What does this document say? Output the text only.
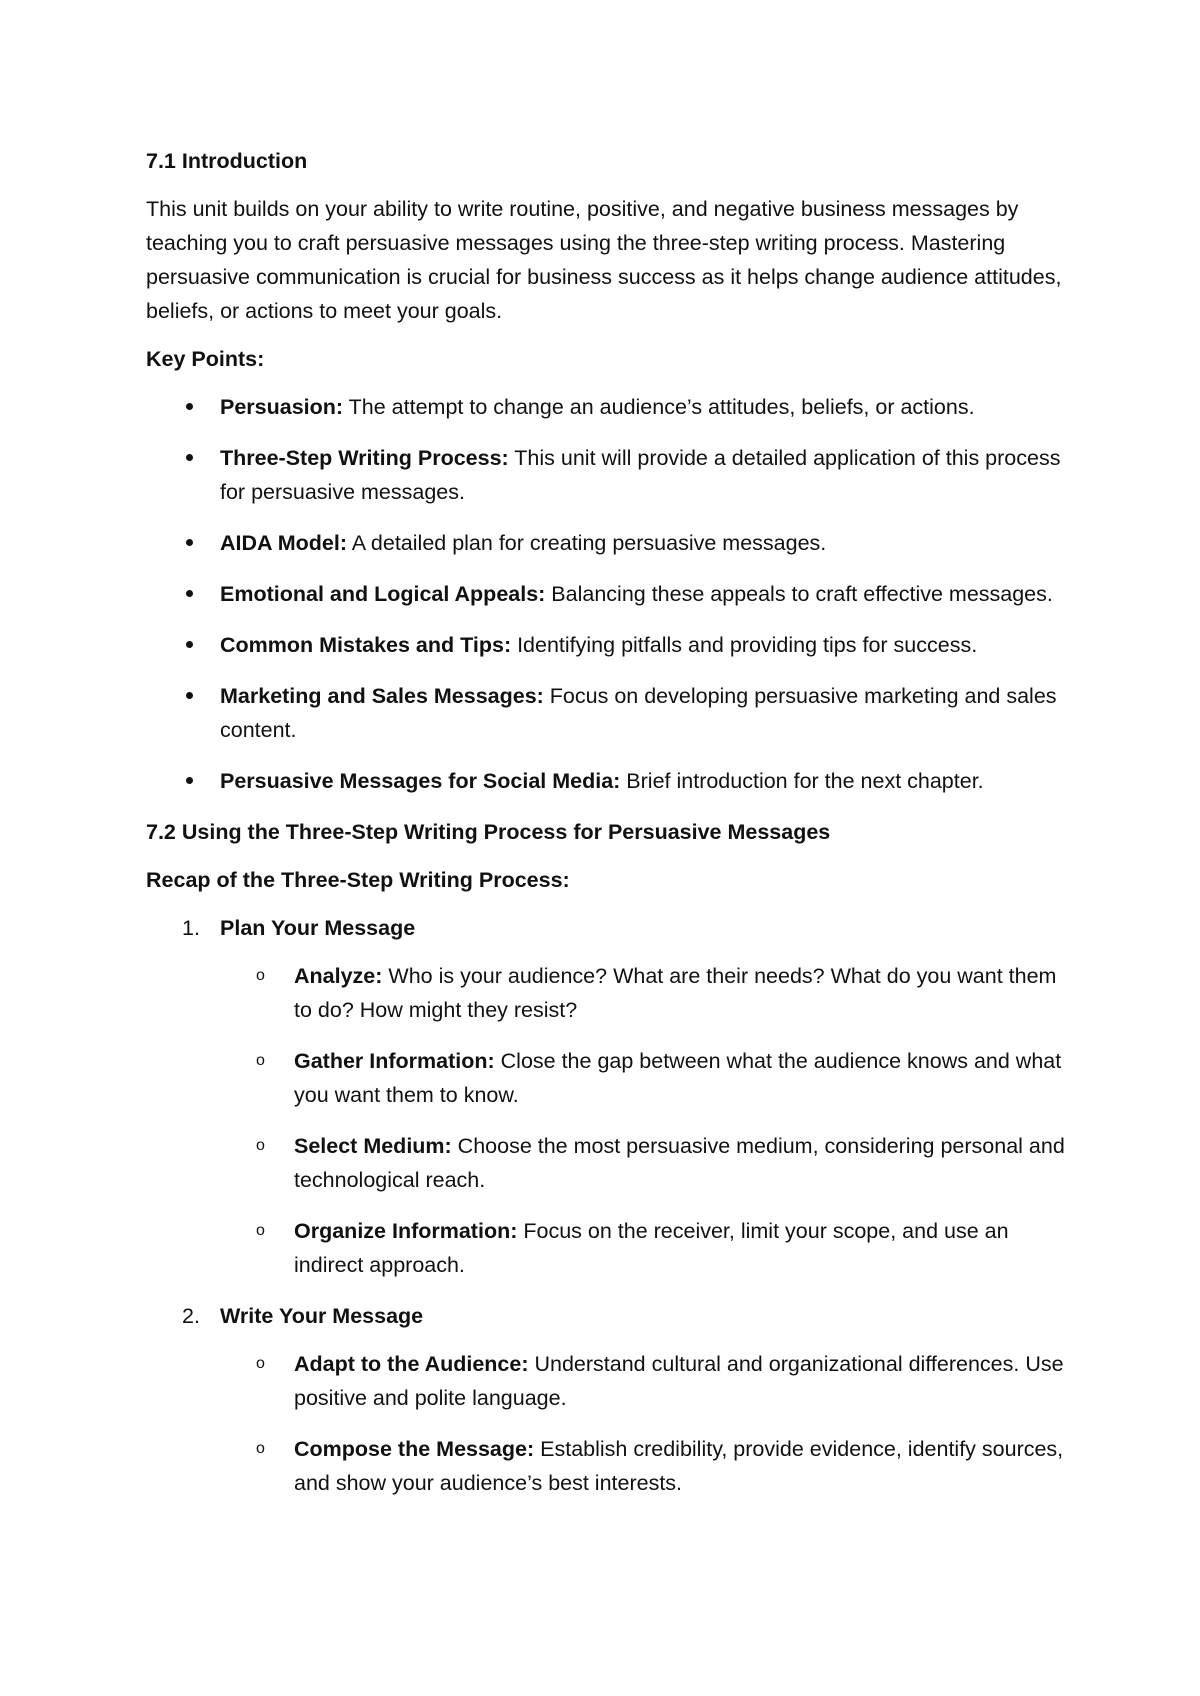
7.1 Introduction

This unit builds on your ability to write routine, positive, and negative business messages by teaching you to craft persuasive messages using the three-step writing process. Mastering persuasive communication is crucial for business success as it helps change audience attitudes, beliefs, or actions to meet your goals.

Key Points:

Persuasion: The attempt to change an audience’s attitudes, beliefs, or actions.
Three-Step Writing Process: This unit will provide a detailed application of this process for persuasive messages.
AIDA Model: A detailed plan for creating persuasive messages.
Emotional and Logical Appeals: Balancing these appeals to craft effective messages.
Common Mistakes and Tips: Identifying pitfalls and providing tips for success.
Marketing and Sales Messages: Focus on developing persuasive marketing and sales content.
Persuasive Messages for Social Media: Brief introduction for the next chapter.

7.2 Using the Three-Step Writing Process for Persuasive Messages

Recap of the Three-Step Writing Process:

1. Plan Your Message
o Analyze: Who is your audience? What are their needs? What do you want them to do? How might they resist?
o Gather Information: Close the gap between what the audience knows and what you want them to know.
o Select Medium: Choose the most persuasive medium, considering personal and technological reach.
o Organize Information: Focus on the receiver, limit your scope, and use an indirect approach.
2. Write Your Message
o Adapt to the Audience: Understand cultural and organizational differences. Use positive and polite language.
o Compose the Message: Establish credibility, provide evidence, identify sources, and show your audience’s best interests.
